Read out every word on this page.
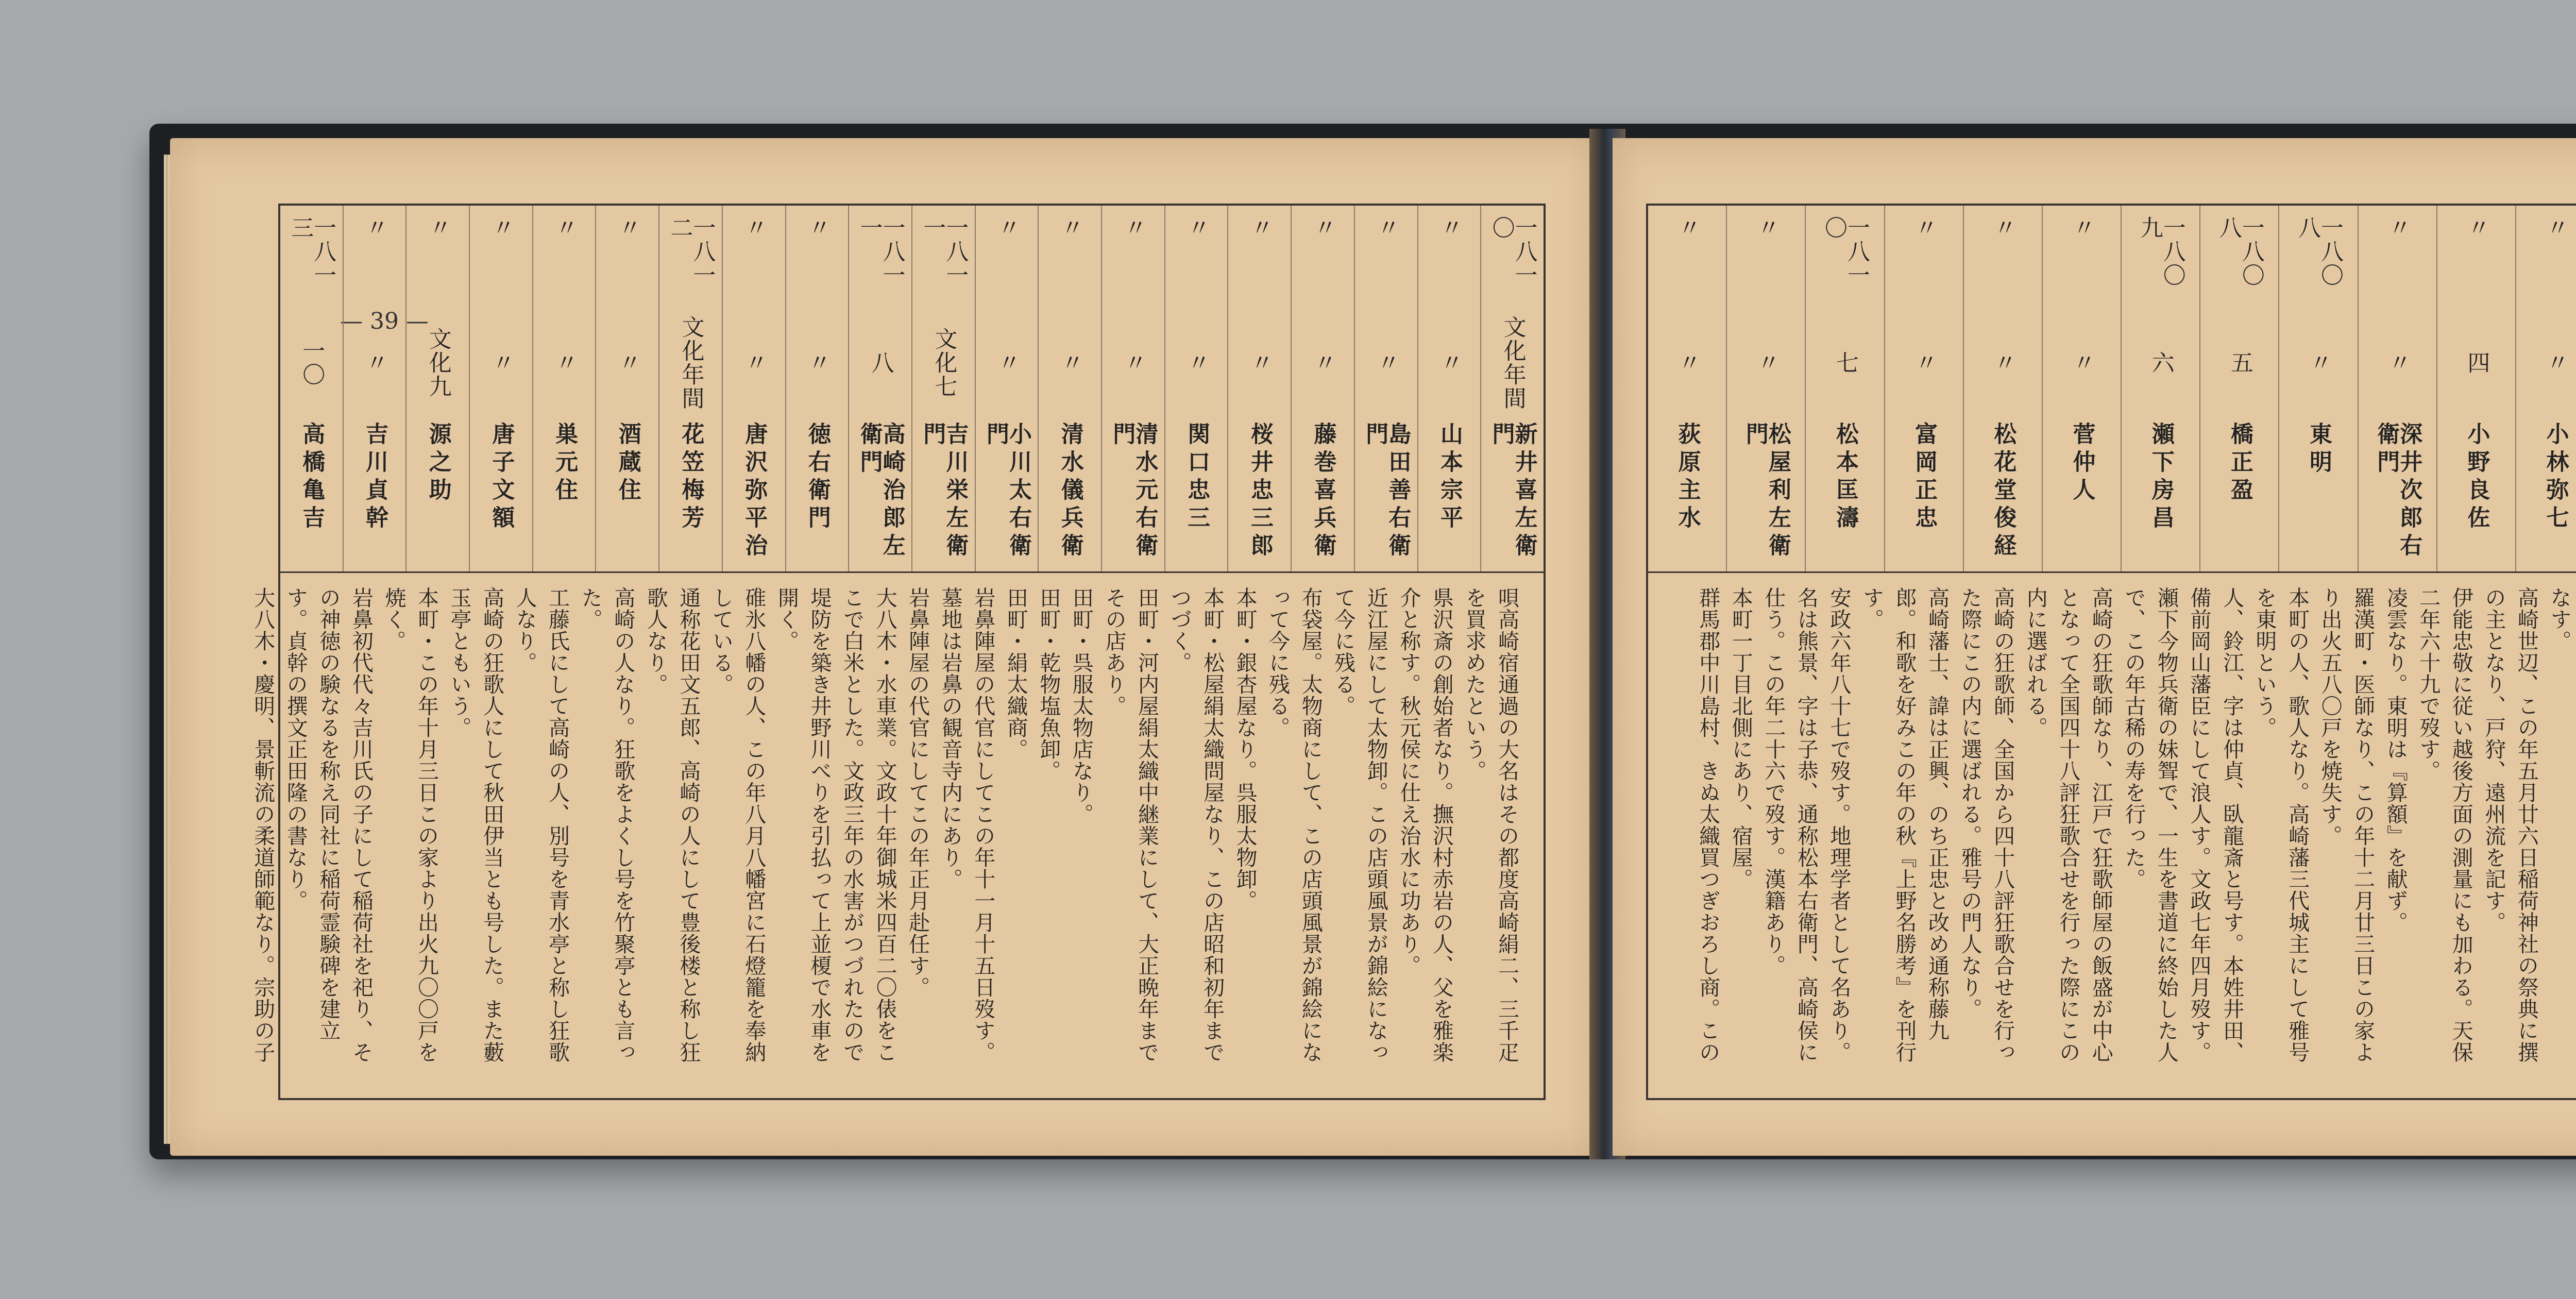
— 39 —
一八一〇
文化年間
新井喜左衛門
〃
〃
山本宗平
〃
〃
島田善右衛門
〃
〃
藤巻喜兵衛
〃
〃
桜井忠三郎
〃
〃
関口忠三
〃
〃
清水元右衛門
〃
〃
清水儀兵衛
〃
〃
小川太右衛門
一八一一
文化七
吉川栄左衛門
一八一一
八
高崎治郎左衛門
〃
〃
徳右衛門
〃
〃
唐沢弥平治
一八一二
文化年間
花笠梅芳
〃
〃
酒蔵住
〃
〃
巣元住
〃
〃
唐子文額
〃
文化九
源之助
〃
〃
吉川貞幹
一八一三
一〇
高橋亀吉

唄高崎宿通過の大名はその都度高崎絹二、三千疋を買求めたという。

県沢斎の創始者なり。撫沢村赤岩の人、父を雅楽介と称す。秋元侯に仕え治水に功あり。

近江屋にして太物卸。この店頭風景が錦絵になって今に残る。

布袋屋。太物商にして、この店頭風景が錦絵になって今に残る。

本町・銀杏屋なり。呉服太物卸。

本町・松屋絹太織問屋なり、この店昭和初年までつづく。

田町・河内屋絹太織中継業にして、大正晩年までその店あり。

田町・呉服太物店なり。

田町・乾物塩魚卸。

田町・絹太織商。

岩鼻陣屋の代官にしてこの年十一月十五日歿す。墓地は岩鼻の観音寺内にあり。

岩鼻陣屋の代官にしてこの年正月赴任す。

大八木・水車業。文政十年御城米四百二〇俵をここで白米とした。文政三年の水害がつづれたので堤防を築き井野川べりを引払って上並榎で水車を開く。

碓氷八幡の人、この年八月八幡宮に石燈籠を奉納している。

通称花田文五郎、高崎の人にして豊後楼と称し狂歌人なり。

高崎の人なり。狂歌をよくし号を竹聚亭とも言った。

工藤氏にして高崎の人、別号を青水亭と称し狂歌人なり。

高崎の狂歌人にして秋田伊当とも号した。また藪玉亭ともいう。

本町・この年十月三日この家より出火九〇〇戸を焼く。

岩鼻初代代々吉川氏の子にして稲荷社を祀り、その神徳の験なるを称え同社に稲荷霊験碑を建立す。貞幹の撰文正田隆の書なり。

大八木・慶明、景斬流の柔道師範なり。宗助の子

〃
〃
小林弥七
〃
四
小野良佐
〃
〃
深井次郎右衛門
一八〇八
〃
東明
一八〇八
五
橋正盈
一八〇九
六
瀬下房昌
〃
〃
菅仲人
〃
〃
松花堂俊経
〃
〃
富岡正忠
一八一〇
七
松本匡濤
〃
〃
松屋利左衛門
〃
〃
荻原主水

なす。

高崎世辺、この年五月廿六日稲荷神社の祭典に撰の主となり、戸狩、遠州流を記す。

伊能忠敬に従い越後方面の測量にも加わる。天保二年六十九で歿す。

凌雲なり。東明は『算額』を献ず。

羅漢町・医師なり、この年十二月廿三日この家より出火五八〇戸を焼失す。

本町の人、歌人なり。高崎藩三代城主にして雅号を東明という。

人、鈴江、字は仲貞、臥龍斎と号す。本姓井田、備前岡山藩臣にして浪人す。文政七年四月歿す。

瀬下今物兵衛の妹聟で、一生を書道に終始した人で、この年古稀の寿を行った。

高崎の狂歌師なり、江戸で狂歌師屋の飯盛が中心となって全国四十八評狂歌合せを行った際にこの内に選ばれる。

高崎の狂歌師、全国から四十八評狂歌合せを行った際にこの内に選ばれる。雅号の門人なり。

高崎藩士、諱は正興、のち正忠と改め通称藤九郎。和歌を好みこの年の秋『上野名勝考』を刊行す。

安政六年八十七で歿す。地理学者として名あり。

名は熊景、字は子恭、通称松本右衛門、高崎侯に仕う。この年二十六で歿す。漢籍あり。

本町一丁目北側にあり、宿屋。

群馬郡中川島村、きぬ太織買つぎおろし商。この
